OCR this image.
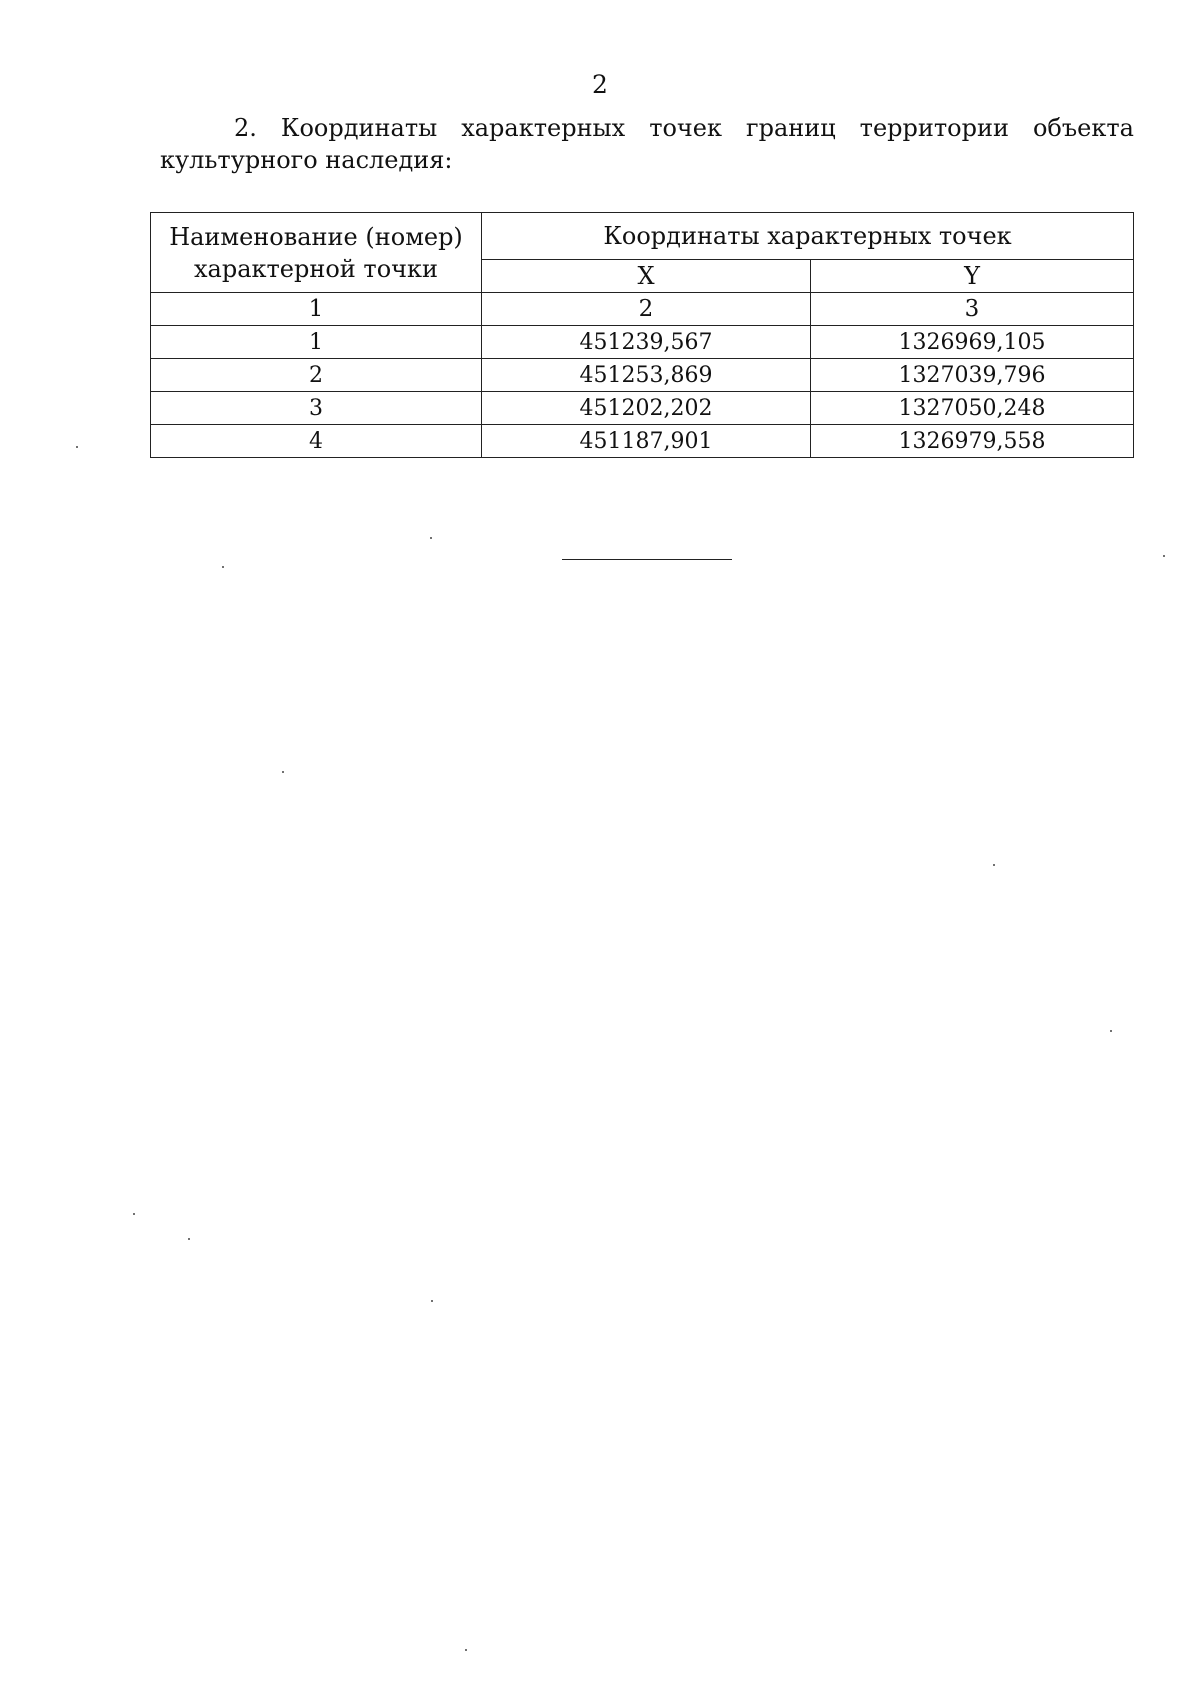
2
2. Координаты характерных точек границ территории объекта
культурного наследия:
Наименование (номер) характерной точки	Координаты характерных точек	
	X	Y
1	2	3
1	451239,567	1326969,105
2	451253,869	1327039,796
3	451202,202	1327050,248
4	451187,901	1326979,558
